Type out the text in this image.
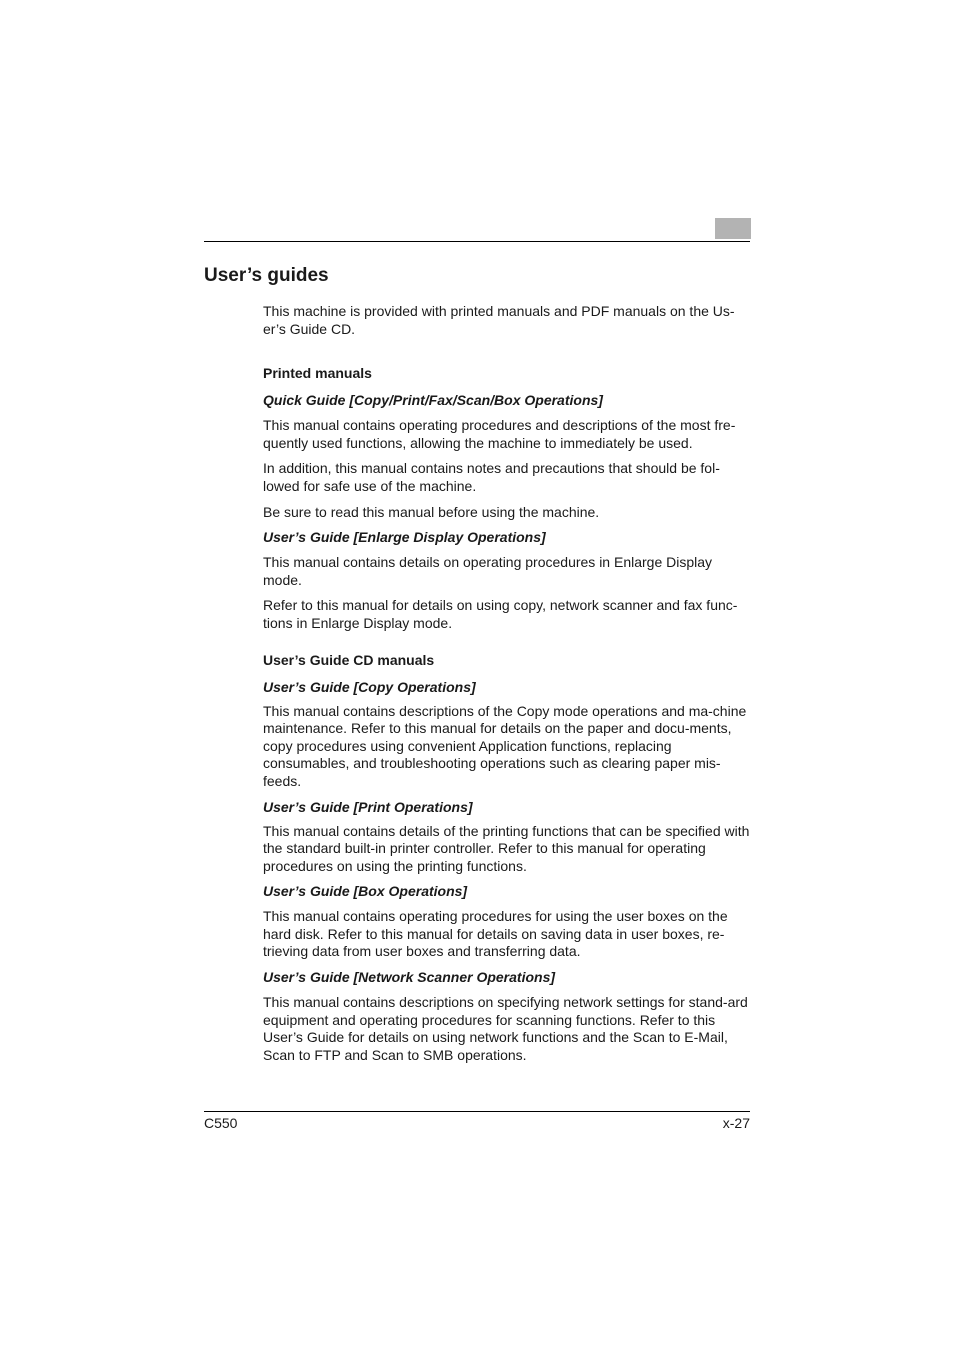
User’s guides

This machine is provided with printed manuals and PDF manuals on the Us-er’s Guide CD.

Printed manuals

Quick Guide [Copy/Print/Fax/Scan/Box Operations]

This manual contains operating procedures and descriptions of the most fre-quently used functions, allowing the machine to immediately be used.

In addition, this manual contains notes and precautions that should be fol-lowed for safe use of the machine.

Be sure to read this manual before using the machine.

User’s Guide [Enlarge Display Operations]

This manual contains details on operating procedures in Enlarge Display mode.

Refer to this manual for details on using copy, network scanner and fax func-tions in Enlarge Display mode.

User’s Guide CD manuals

User’s Guide [Copy Operations]

This manual contains descriptions of the Copy mode operations and ma-chine maintenance. Refer to this manual for details on the paper and docu-ments, copy procedures using convenient Application functions, replacing consumables, and troubleshooting operations such as clearing paper mis-feeds.

User’s Guide [Print Operations]

This manual contains details of the printing functions that can be specified with the standard built-in printer controller. Refer to this manual for operating procedures on using the printing functions.

User’s Guide [Box Operations]

This manual contains operating procedures for using the user boxes on the hard disk. Refer to this manual for details on saving data in user boxes, re-trieving data from user boxes and transferring data.

User’s Guide [Network Scanner Operations]

This manual contains descriptions on specifying network settings for stand-ard equipment and operating procedures for scanning functions. Refer to this User’s Guide for details on using network functions and the Scan to E-Mail, Scan to FTP and Scan to SMB operations.

C550	x-27
